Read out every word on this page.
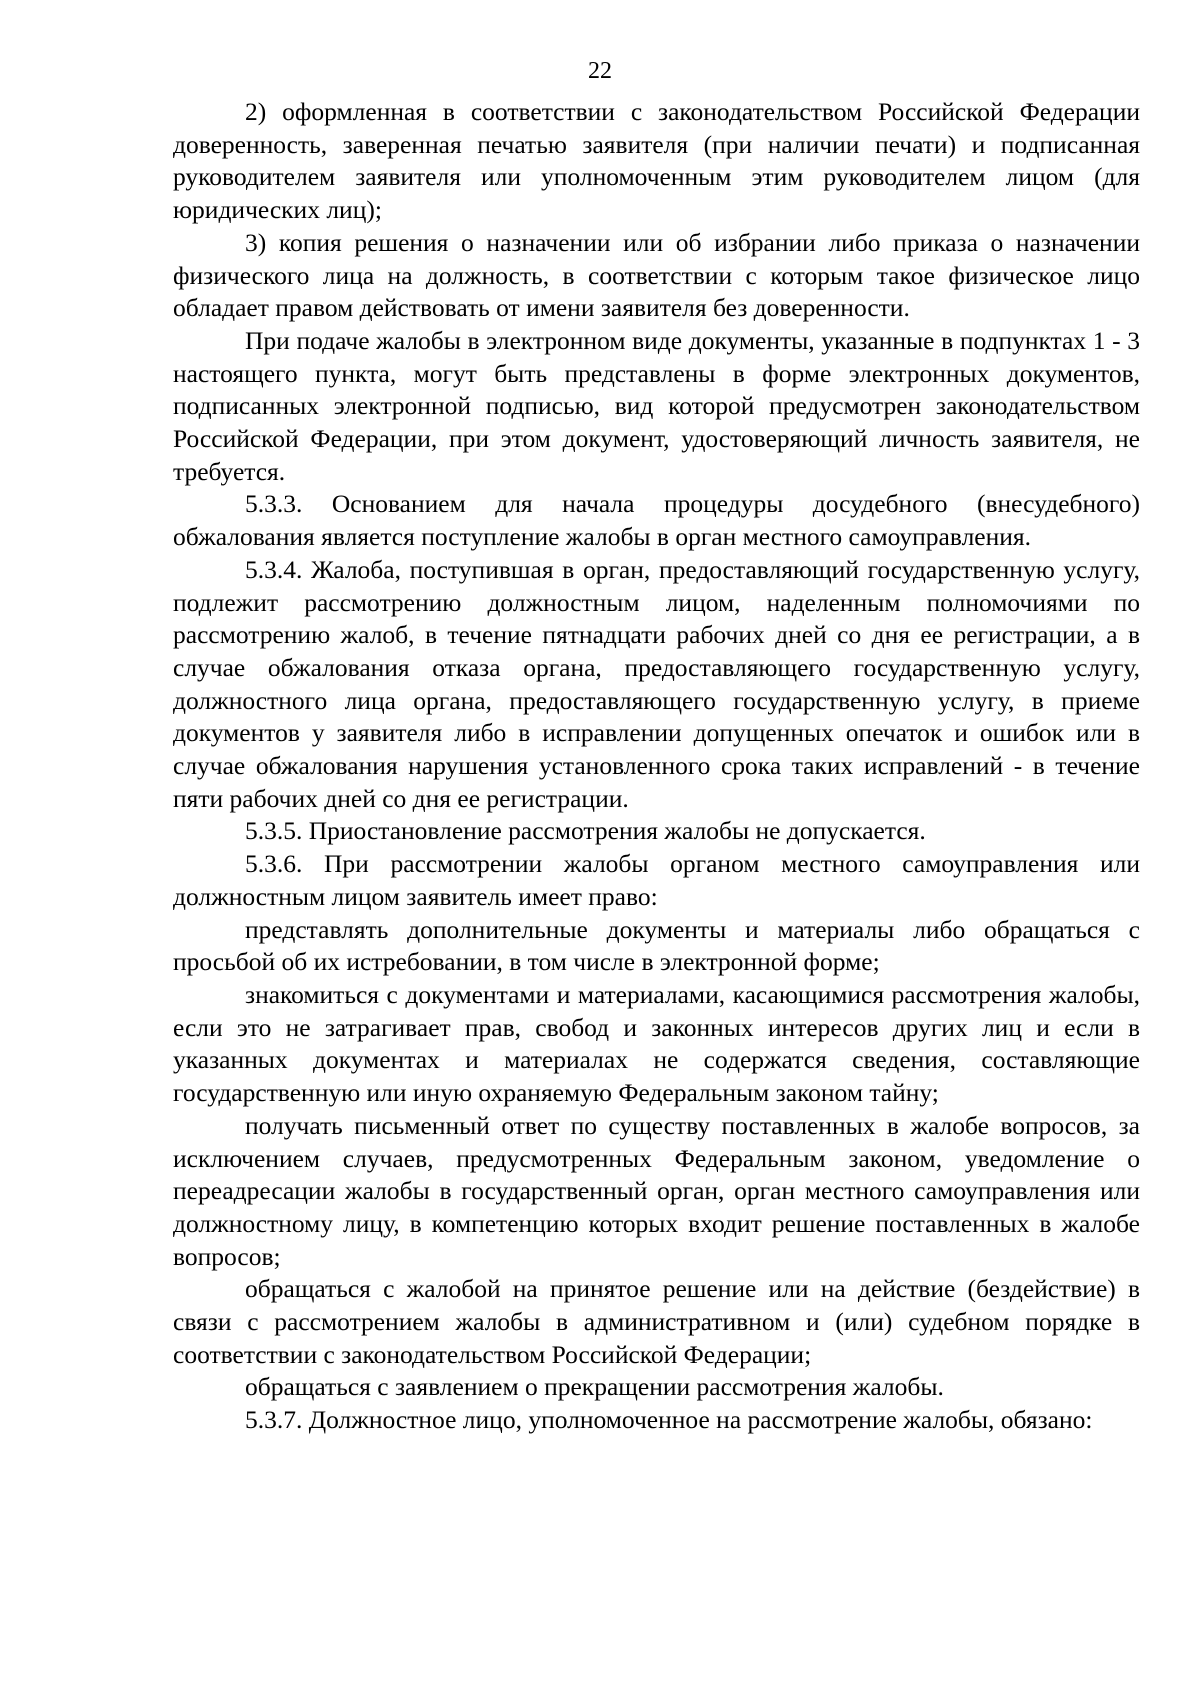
22

2) оформленная в соответствии с законодательством Российской Федерации доверенность, заверенная печатью заявителя (при наличии печати) и подписанная руководителем заявителя или уполномоченным этим руководителем лицом (для юридических лиц);

3) копия решения о назначении или об избрании либо приказа о назначении физического лица на должность, в соответствии с которым такое физическое лицо обладает правом действовать от имени заявителя без доверенности.

При подаче жалобы в электронном виде документы, указанные в подпунктах 1 - 3 настоящего пункта, могут быть представлены в форме электронных документов, подписанных электронной подписью, вид которой предусмотрен законодательством Российской Федерации, при этом документ, удостоверяющий личность заявителя, не требуется.

5.3.3. Основанием для начала процедуры досудебного (внесудебного) обжалования является поступление жалобы в орган местного самоуправления.

5.3.4. Жалоба, поступившая в орган, предоставляющий государственную услугу, подлежит рассмотрению должностным лицом, наделенным полномочиями по рассмотрению жалоб, в течение пятнадцати рабочих дней со дня ее регистрации, а в случае обжалования отказа органа, предоставляющего государственную услугу, должностного лица органа, предоставляющего государственную услугу, в приеме документов у заявителя либо в исправлении допущенных опечаток и ошибок или в случае обжалования нарушения установленного срока таких исправлений - в течение пяти рабочих дней со дня ее регистрации.

5.3.5. Приостановление рассмотрения жалобы не допускается.

5.3.6. При рассмотрении жалобы органом местного самоуправления или должностным лицом заявитель имеет право:

представлять дополнительные документы и материалы либо обращаться с просьбой об их истребовании, в том числе в электронной форме;

знакомиться с документами и материалами, касающимися рассмотрения жалобы, если это не затрагивает прав, свобод и законных интересов других лиц и если в указанных документах и материалах не содержатся сведения, составляющие государственную или иную охраняемую Федеральным законом тайну;

получать письменный ответ по существу поставленных в жалобе вопросов, за исключением случаев, предусмотренных Федеральным законом, уведомление о переадресации жалобы в государственный орган, орган местного самоуправления или должностному лицу, в компетенцию которых входит решение поставленных в жалобе вопросов;

обращаться с жалобой на принятое решение или на действие (бездействие) в связи с рассмотрением жалобы в административном и (или) судебном порядке в соответствии с законодательством Российской Федерации;

обращаться с заявлением о прекращении рассмотрения жалобы.

5.3.7. Должностное лицо, уполномоченное на рассмотрение жалобы, обязано:
